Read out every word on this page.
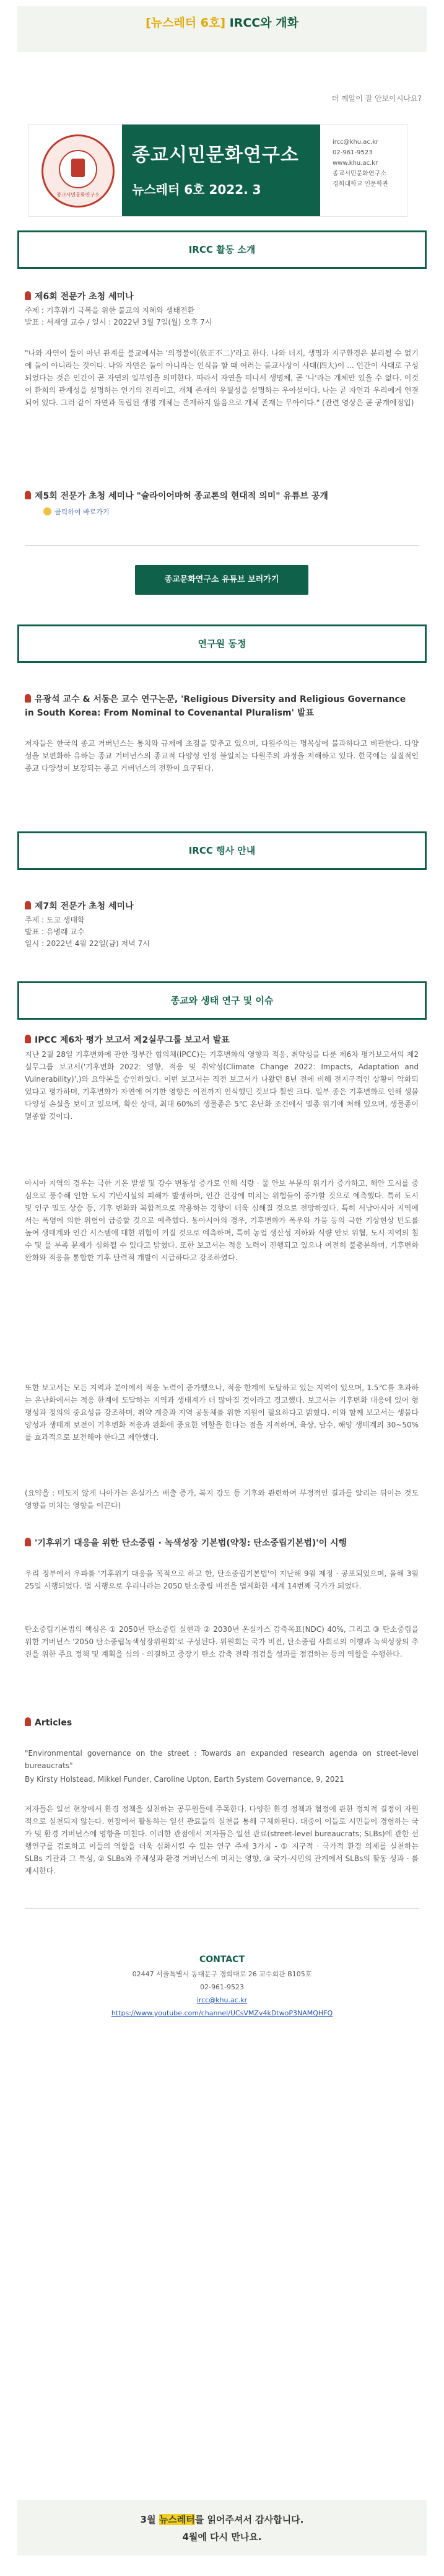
[뉴스레터 6호] IRCC와 개화
더 깨알이 잘 안보이시나요?
종교시민문화연구소
종교시민문화연구소
뉴스레터 6호 2022. 3
ircc@khu.ac.kr
02-961-9523
www.khu.ac.kr
종교시민문화연구소
경희대학교 인문학관
IRCC 활동 소개
제6회 전문가 초청 세미나
주제 : 기후위기 극복을 위한 불교의 지혜와 생태전환
발표 : 서재영 교수 / 일시 : 2022년 3월 7일(월) 오후 7시
"나와 자연이 둘이 아닌 관계를 불교에서는 '의정불이(依正不二)'라고 한다. 나와 더지, 생명과 지구환경은 분리될 수 없기에 둘이 아니라는 것이다. 나와 자연은 둘이 아니라는 인식을 할 때 여러는 불교사상이 사대(四大)이 ... 인간이 사대로 구성되었다는 것은 인간이 곧 자연의 일부임을 의미한다. 따라서 자연을 떠나서 생명체, 곧 '나'라는 개체만 있을 수 없다. 이것이 환희의 관계성을 설명하는 연기의 진리이고, 개체 존재의 우월성을 설명하는 우아설이다. 나는 곧 자연과 우리에게 연결되어 있다. 그러 같이 자연과 독립된 생명 개체는 존재하지 않음으로 개체 존재는 무아이다." (관련 영상은 곧 공개예정입)
제5회 전문가 초청 세미나 "슐라이어마허 종교론의 현대적 의미" 유튜브 공개
클릭하여 바로가기
종교문화연구소 유튜브 보러가기
연구원 동정
유광석 교수 & 서동은 교수 연구논문, 'Religious Diversity and Religious Governance in South Korea: From Nominal to Covenantal Pluralism' 발표
저자들은 한국의 종교 거버넌스는 통치와 규제에 초점을 맞추고 있으며, 다원주의는 명목상에 불과하다고 비판한다. 다양성을 보편화하 유하는 종교 거버넌스의 종교적 다양성 인정 불일치는 다원주의 과정을 저해하고 있다. 한국에는 실질적인 종교 다양성이 보장되는 종교 거버넌스의 전환이 요구된다.
IRCC 행사 안내
제7회 전문가 초청 세미나
주제 : 도교 생태학
발표 : 유병래 교수
일시 : 2022년 4월 22일(금) 저녁 7시
종교와 생태 연구 및 이슈
IPCC 제6차 평가 보고서 제2실무그룹 보고서 발표
지난 2월 28일 기후변화에 관한 정부간 협의체(IPCC)는 기후변화의 영향과 적응, 취약성을 다룬 제6차 평가보고서의 제2실무그룹 보고서('기후변화 2022: 영향, 적응 및 취약성(Climate Change 2022: Impacts, Adaptation and Vulnerability)',)와 요약본을 승인하였다. 이번 보고서는 직전 보고서가 나왔던 8년 전에 비해 전지구적인 상황이 악화되었다고 평가하며, 기후변화가 자연에 여기한 영향은 이전까지 인식했던 것보다 훨씬 크다. 일부 종은 기후변화로 인해 생물다양성 손실을 보이고 있으며, 확산 상태, 최대 60%의 생물종은 5℃ 온난화 조건에서 멸종 위기에 처해 있으며, 생물종이 멸종할 것이다.
아시아 지역의 경우는 극한 기온 발생 및 강수 변동성 증가로 인해 식량 · 물 안보 부문의 위기가 증가하고, 해안 도시를 중심으로 풍수해 인한 도시 기반시설의 피해가 발생하며, 인간 건강에 미치는 위험들이 증가할 것으로 예측했다. 특히 도시 및 인구 밀도 상승 등, 기후 변화와 복합적으로 작용하는 경향이 더욱 심해질 것으로 전망하였다. 특히 서남아시아 지역에서는 폭염에 의한 위험이 급증할 것으로 예측했다. 동아시아의 경우, 기후변화가 폭우와 가뭄 등의 극한 기상현상 빈도를 높여 생태계와 인간 시스템에 대한 위험이 커질 것으로 예측하며, 특히 농업 생산성 저하와 식량 안보 위협, 도시 지역의 침수 및 물 부족 문제가 심화될 수 있다고 밝혔다. 또한 보고서는 적응 노력이 진행되고 있으나 여전히 불충분하며, 기후변화 완화와 적응을 통합한 기후 탄력적 개발이 시급하다고 강조하였다.
또한 보고서는 모든 지역과 분야에서 적응 노력이 증가했으나, 적응 한계에 도달하고 있는 지역이 있으며, 1.5℃를 초과하는 온난화에서는 적응 한계에 도달하는 지역과 생태계가 더 많아질 것이라고 경고했다. 보고서는 기후변화 대응에 있어 형평성과 정의의 중요성을 강조하며, 취약 계층과 지역 공동체를 위한 지원이 필요하다고 밝혔다. 이와 함께 보고서는 생물다양성과 생태계 보전이 기후변화 적응과 완화에 중요한 역할을 한다는 점을 지적하며, 육상, 담수, 해양 생태계의 30~50%를 효과적으로 보전해야 한다고 제안했다.
(요약을 : 미도지 않게 나아가는 온실가스 배출 증가, 복지 강도 등 기후와 관련하여 부정적인 결과를 알리는 뒤이는 것도 영향을 미치는 영향을 이끈다)
'기후위기 대응을 위한 탄소중립 · 녹색성장 기본법(약칭: 탄소중립기본법)'이 시행
우리 정부에서 우파를 '기후위기 대응을 목적으로 하고 한, 탄소중립기본법'이 지난해 9월 제정 · 공포되었으며, 올해 3월 25일 시행되었다. 법 시행으로 우리나라는 2050 탄소중립 비전을 법제화한 세계 14번째 국가가 되었다.
탄소중립기본법의 핵심은 ① 2050년 탄소중립 실현과 ② 2030년 온실가스 감축목표(NDC) 40%, 그리고 ③ 탄소중립을 위한 거버넌스 '2050 탄소중립녹색성장위원회'로 구성된다. 위원회는 국가 비전, 탄소중립 사회로의 이행과 녹색성장의 추진을 위한 주요 정책 및 계획을 심의 · 의결하고 중장기 탄소 감축 전략 점검을 성과를 점검하는 등의 역할을 수행한다.
Articles
"Environmental governance on the street : Towards an expanded research agenda on street-level bureaucrats"
By Kirsty Holstead, Mikkel Funder, Caroline Upton, Earth System Governance, 9, 2021
저자들은 일선 현장에서 환경 정책을 실천하는 공무원들에 주목한다. 다양한 환경 정책과 협정에 관한 정치적 결정이 자원적으로 실천되지 않는다. 현장에서 활동하는 일선 관료들의 실천을 통해 구체화된다. 대중이 이들로 시민들이 경험하는 국가 및 환경 거버넌스에 영향을 미친다. 이러한 관점에서 저자들은 일선 관료(street-level bureaucrats; SLBs)에 관한 선행연구를 검토하고 이들의 역할을 더욱 심화시킬 수 있는 연구 주제 3가지 - ① 지구적 · 국가적 환경 의제를 실천하는 SLBs 기관과 그 특성, ② SLBs와 주체성과 환경 거버넌스에 미치는 영향, ③ 국가-시민의 관계에서 SLBs의 활동 성과 - 를 제시한다.
CONTACT
02447 서울특별시 동대문구 경희대로 26 교수회관 B105호
02-961-9523
ircc@khu.ac.kr
https://www.youtube.com/channel/UCsVMZv4kDtwoP3NAMQHFQ
3월 뉴스레터를 읽어주셔서 감사합니다.
4월에 다시 만나요.
